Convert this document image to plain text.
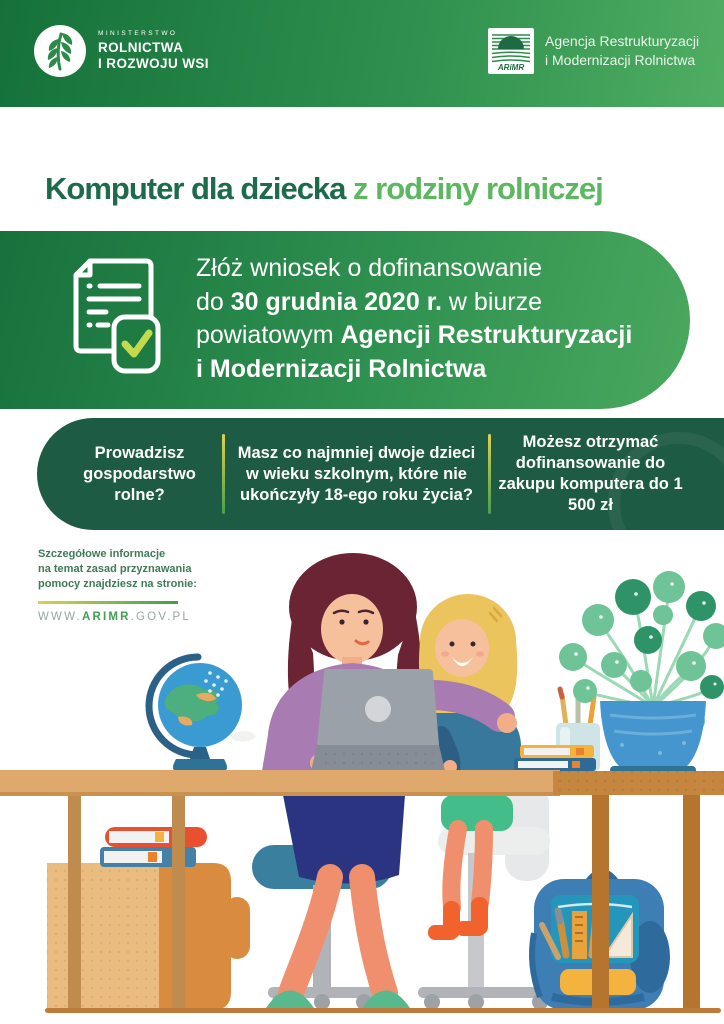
MINISTERSTWO
ROLNICTWA
I ROZWOJU WSI	ARiMR
Agencja Restrukturyzacji
i Modernizacji Rolnictwa
Komputer dla dziecka z rodziny rolniczej
Złóż wniosek o dofinansowanie
do 30 grudnia 2020 r. w biurze
powiatowym Agencji Restrukturyzacji
i Modernizacji Rolnictwa
Prowadzisz gospodarstwo rolne?
Masz co najmniej dwoje dzieci w wieku szkolnym, które nie ukończyły 18-ego roku życia?
Możesz otrzymać dofinansowanie do zakupu komputera do 1 500 zł
Szczegółowe informacje
na temat zasad przyznawania
pomocy znajdziesz na stronie:
WWW.ARIMR.GOV.PL
